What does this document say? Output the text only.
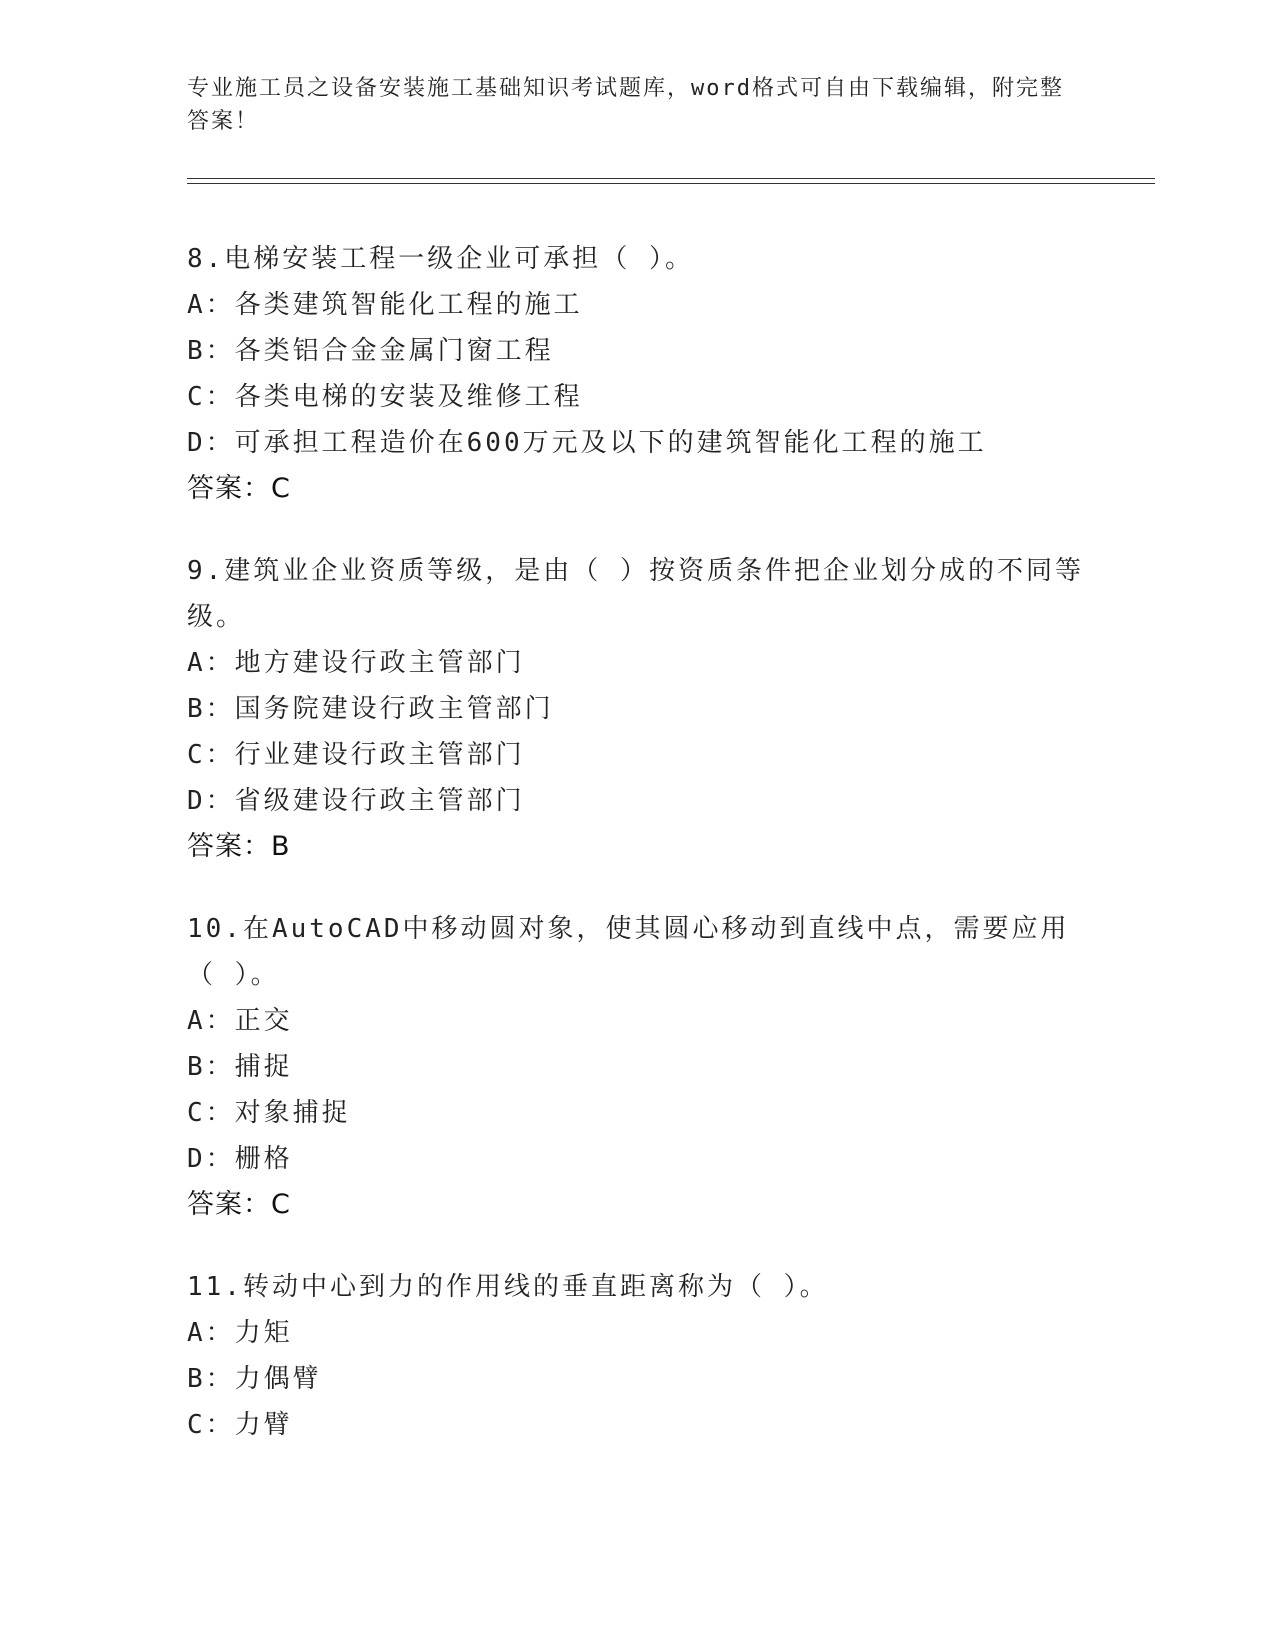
专业施工员之设备安装施工基础知识考试题库，word格式可自由下载编辑，附完整答案！
8.电梯安装工程一级企业可承担（ ）。
A：各类建筑智能化工程的施工
B：各类铝合金金属门窗工程
C：各类电梯的安装及维修工程
D：可承担工程造价在600万元及以下的建筑智能化工程的施工
答案：C
9.建筑业企业资质等级，是由（ ）按资质条件把企业划分成的不同等级。
A：地方建设行政主管部门
B：国务院建设行政主管部门
C：行业建设行政主管部门
D：省级建设行政主管部门
答案：B
10.在AutoCAD中移动圆对象，使其圆心移动到直线中点，需要应用（ ）。
A：正交
B：捕捉
C：对象捕捉
D：栅格
答案：C
11.转动中心到力的作用线的垂直距离称为（ ）。
A：力矩
B：力偶臂
C：力臂
